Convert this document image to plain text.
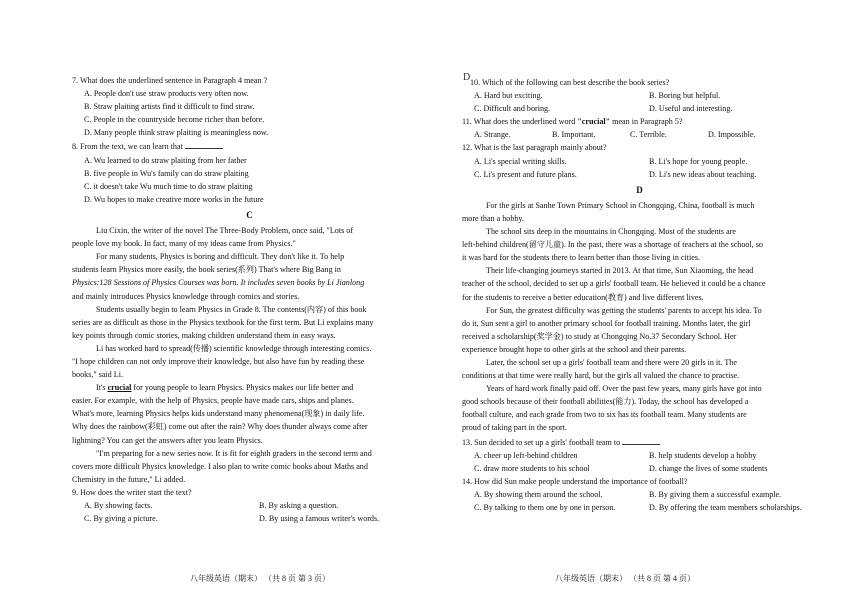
7. What does the underlined sentence in Paragraph 4 mean ?
A. People don't use straw products very often now.
B. Straw plaiting artists find it difficult to find straw.
C. People in the countryside become richer than before.
D. Many people think straw plaiting is meaningless now.
8. From the text, we can learn that
A. Wu learned to do straw plaiting from her father
B. five people in Wu's family can do straw plaiting
C. it doesn't take Wu much time to do straw plaiting
D. Wu hopes to make creative more works in the future
C
Liu Cixin, the writer of the novel The Three-Body Problem, once said, "Lots of
people love my book. In fact, many of my ideas came from Physics."
For many students, Physics is boring and difficult. They don't like it. To help
students learn Physics more easily, the book series(系列) That's where Big Bang in
Physics:128 Sessions of Physics Courses was born. It includes seven books by Li Jianlong
and mainly introduces Physics knowledge through comics and stories.
Students usually begin to learn Physics in Grade 8. The contents(内容) of this book
series are as difficult as those in the Physics textbook for the first term. But Li explains many
key points through comic stories, making children understand them in easy ways.
Li has worked hard to spread(传播) scientific knowledge through interesting comics.
"I hope children can not only improve their knowledge, but also have fun by reading these
books," said Li.
It's crucial for young people to learn Physics. Physics makes our life better and
easier. For example, with the help of Physics, people have made cars, ships and planes.
What's more, learning Physics helps kids understand many phenomena(现象) in daily life.
Why does the rainbow(彩虹) come out after the rain? Why does thunder always come after
lightning? You can get the answers after you learn Physics.
"I'm preparing for a new series now. It is fit for eighth graders in the second term and
covers more difficult Physics knowledge. I also plan to write comic books about Maths and
Chemistry in the future," Li added.
9. How does the writer start the text?
A. By showing facts.	B. By asking a question.
C. By giving a picture.	D. By using a famous writer's words.
八年级英语（期末） （共 8 页 第 3 页）
D 10. Which of the following can best describe the book series?
A. Hard but exciting.	B. Boring but helpful.
C. Difficult and boring.	D. Useful and interesting.
11. What does the underlined word "crucial" mean in Paragraph 5?
A. Strange.	B. Important.	C. Terrible.	D. Impossible.
12. What is the last paragraph mainly about?
A. Li's special writing skills.	B. Li's hope for young people.
C. Li's present and future plans.	D. Li's new ideas about teaching.
D
For the girls at Sanhe Town Primary School in Chongqing, China, football is much
more than a hobby.
The school sits deep in the mountains in Chongqing. Most of the students are
left-behind children(留守儿童). In the past, there was a shortage of teachers at the school, so
it was hard for the students there to learn better than those living in cities.
Their life-changing journeys started in 2013. At that time, Sun Xiaoming, the head
teacher of the school, decided to set up a girls' football team. He believed it could be a chance
for the students to receive a better education(教育) and live different lives.
For Sun, the greatest difficulty was getting the students' parents to accept his idea. To
do it, Sun sent a girl to another primary school for football training. Months later, the girl
received a scholarship(奖学金) to study at Chongqing No.37 Secondary School. Her
experience brought hope to other girls at the school and their parents.
Later, the school set up a girls' football team and there were 20 girls in it. The
conditions at that time were really hard, but the girls all valued the chance to practise.
Years of hard work finally paid off. Over the past few years, many girls have got into
good schools because of their football abilities(能力). Today, the school has developed a
football culture, and each grade from two to six has its football team. Many students are
proud of taking part in the sport.
13. Sun decided to set up a girls' football team to
A. cheer up left-behind children	B. help students develop a hobby
C. draw more students to his school	D. change the lives of some students
14. How did Sun make people understand the importance of football?
A. By showing them around the school.	B. By giving them a successful example.
C. By talking to them one by one in person.	D. By offering the team members scholarships.
八年级英语（期末） （共 8 页 第 4 页）
